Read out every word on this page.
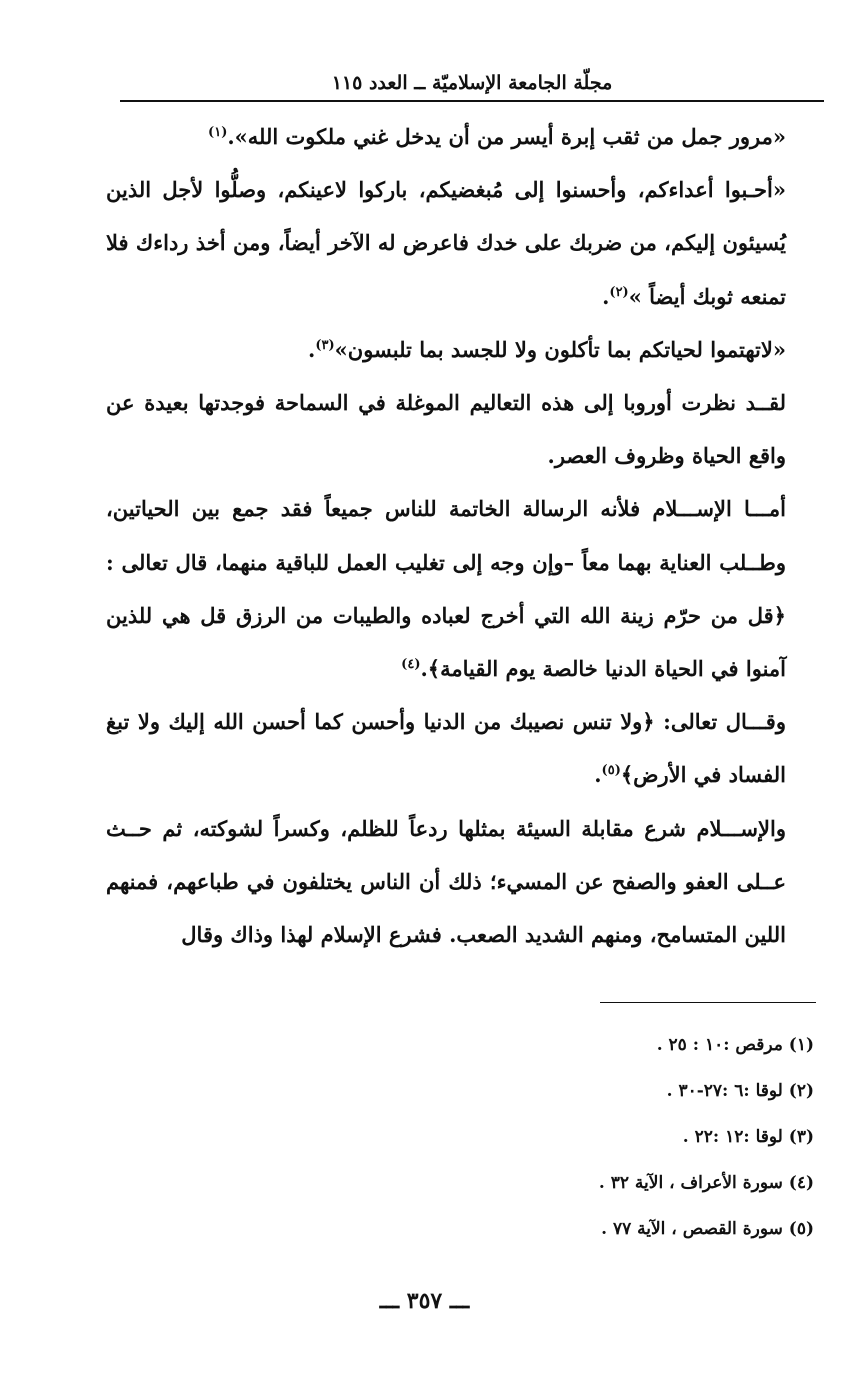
مجلّة الجامعة الإسلاميّة ــ العدد ١١٥

«مرور جمل من ثقب إبرة أيسر من أن يدخل غني ملكوت الله».$^{(١)}$

«أحـبوا أعداءكم، وأحسنوا إلى مُبغضيكم، باركوا لاعينكم، وصلُّوا لأجل الذين يُسيئون إليكم، من ضربك على خدك فاعرض له الآخر أيضاً، ومن أخذ رداءك فلا تمنعه ثوبك أيضاً »$^{(٢)}$.

«لاتهتموا لحياتكم بما تأكلون ولا للجسد بما تلبسون»$^{(٣)}$.

لقــد نظرت أوروبا إلى هذه التعاليم الموغلة في السماحة فوجدتها بعيدة عن واقع الحياة وظروف العصر.

أمـــا الإســـلام فلأنه الرسالة الخاتمة للناس جميعاً فقد جمع بين الحياتين، وطــلب العناية بهما معاً –وإن وجه إلى تغليب العمل للباقية منهما، قال تعالى : ﴿قل من حرّم زينة الله التي أخرج لعباده والطيبات من الرزق قل هي للذين آمنوا في الحياة الدنيا خالصة يوم القيامة﴾.$^{(٤)}$

وقـــال تعالى: ﴿ولا تنس نصيبك من الدنيا وأحسن كما أحسن الله إليك ولا تبغ الفساد في الأرض﴾$^{(٥)}$.

والإســـلام شرع مقابلة السيئة بمثلها ردعاً للظلم، وكسراً لشوكته، ثم حــث عــلى العفو والصفح عن المسيء؛ ذلك أن الناس يختلفون في طباعهم، فمنهم اللين المتسامح، ومنهم الشديد الصعب. فشرع الإسلام لهذا وذاك وقال

(١) مرقص :١٠ : ٢٥ .
(٢) لوقا :٦ :٢٧-٣٠ .
(٣) لوقا :١٢ :٢٢ .
(٤) سورة الأعراف ، الآية ٣٢ .
(٥) سورة القصص ، الآية ٧٧ .
ـــ ٣٥٧ ـــ
